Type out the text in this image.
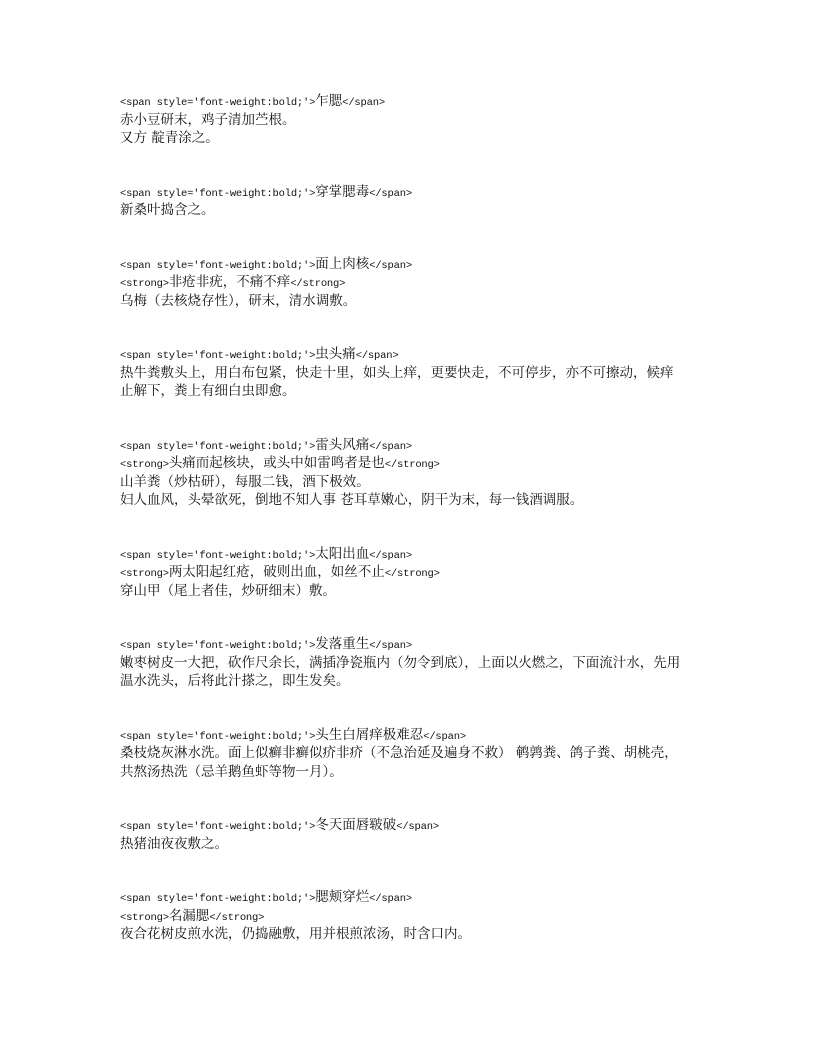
<span style='font-weight:bold;'>乍腮</span>
赤小豆研末，鸡子清加苎根。
又方 靛青涂之。
<span style='font-weight:bold;'>穿掌腮毒</span>
新桑叶捣含之。
<span style='font-weight:bold;'>面上肉核</span>
<strong>非疮非疣，不痛不痒</strong>
乌梅（去核烧存性），研末，清水调敷。
<span style='font-weight:bold;'>虫头痛</span>
热牛粪敷头上，用白布包紧，快走十里，如头上痒，更要快走，不可停步，亦不可擦动，候痒
止解下，粪上有细白虫即愈。
<span style='font-weight:bold;'>雷头风痛</span>
<strong>头痛而起核块，或头中如雷鸣者是也</strong>
山羊粪（炒枯研），每服二钱，酒下极效。
妇人血风，头晕欲死，倒地不知人事 苍耳草嫩心，阴干为末，每一钱酒调服。
<span style='font-weight:bold;'>太阳出血</span>
<strong>两太阳起红疮，破则出血，如丝不止</strong>
穿山甲（尾上者佳，炒研细末）敷。
<span style='font-weight:bold;'>发落重生</span>
嫩枣树皮一大把，砍作尺余长，满插净瓷瓶内（勿令到底），上面以火燃之，下面流汁水，先用
温水洗头，后将此汁搽之，即生发矣。
<span style='font-weight:bold;'>头生白屑痒极难忍</span>
桑枝烧灰淋水洗。面上似癣非癣似疥非疥（不急治延及遍身不救） 鹌鹑粪、鸽子粪、胡桃壳，
共熬汤热洗（忌羊鹅鱼虾等物一月）。
<span style='font-weight:bold;'>冬天面唇皲破</span>
热猪油夜夜敷之。
<span style='font-weight:bold;'>腮颊穿烂</span>
<strong>名漏腮</strong>
夜合花树皮煎水洗，仍捣融敷，用并根煎浓汤，时含口内。
